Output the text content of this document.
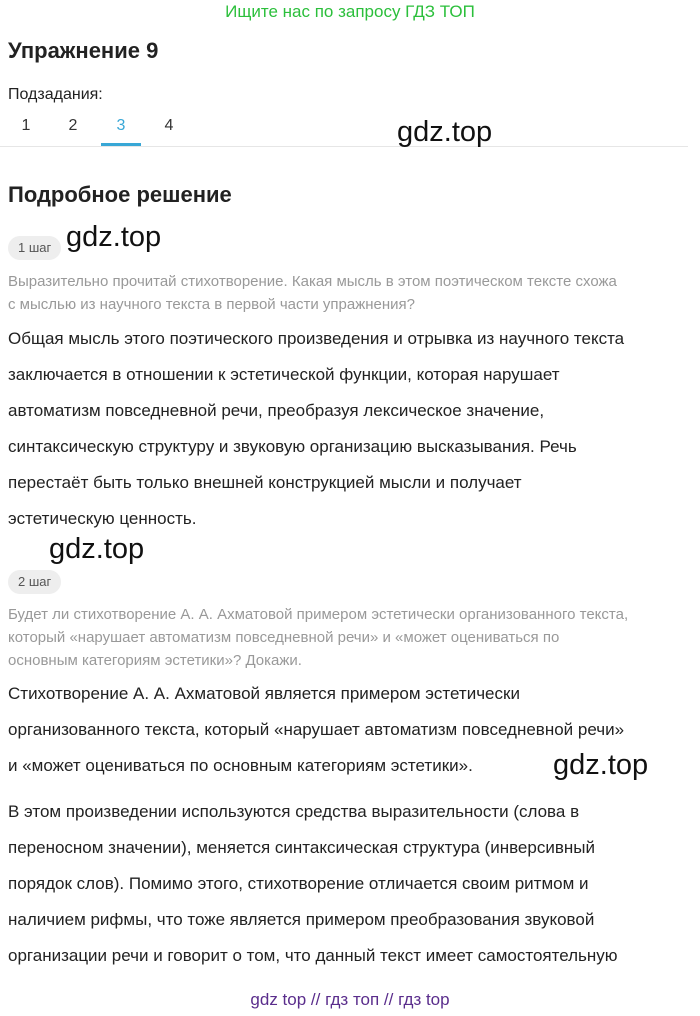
Ищите нас по запросу ГДЗ ТОП
Упражнение 9
Подзадания:
1	2	3	4	gdz.top
Подробное решение
1 шаг gdz.top
Выразительно прочитай стихотворение. Какая мысль в этом поэтическом тексте схожа
с мыслью из научного текста в первой части упражнения?
Общая мысль этого поэтического произведения и отрывка из научного текста
заключается в отношении к эстетической функции, которая нарушает
автоматизм повседневной речи, преобразуя лексическое значение,
синтаксическую структуру и звуковую организацию высказывания. Речь
перестаёт быть только внешней конструкцией мысли и получает
эстетическую ценность.
gdz.top
2 шаг
Будет ли стихотворение А. А. Ахматовой примером эстетически организованного текста,
который «нарушает автоматизм повседневной речи» и «может оцениваться по
основным категориям эстетики»? Докажи.
Стихотворение А. А. Ахматовой является примером эстетически
организованного текста, который «нарушает автоматизм повседневной речи»
и «может оцениваться по основным категориям эстетики».	gdz.top
В этом произведении используются средства выразительности (слова в
переносном значении), меняется синтаксическая структура (инверсивный
порядок слов). Помимо этого, стихотворение отличается своим ритмом и
наличием рифмы, что тоже является примером преобразования звуковой
организации речи и говорит о том, что данный текст имеет самостоятельную
gdz top // гдз топ // гдз top
